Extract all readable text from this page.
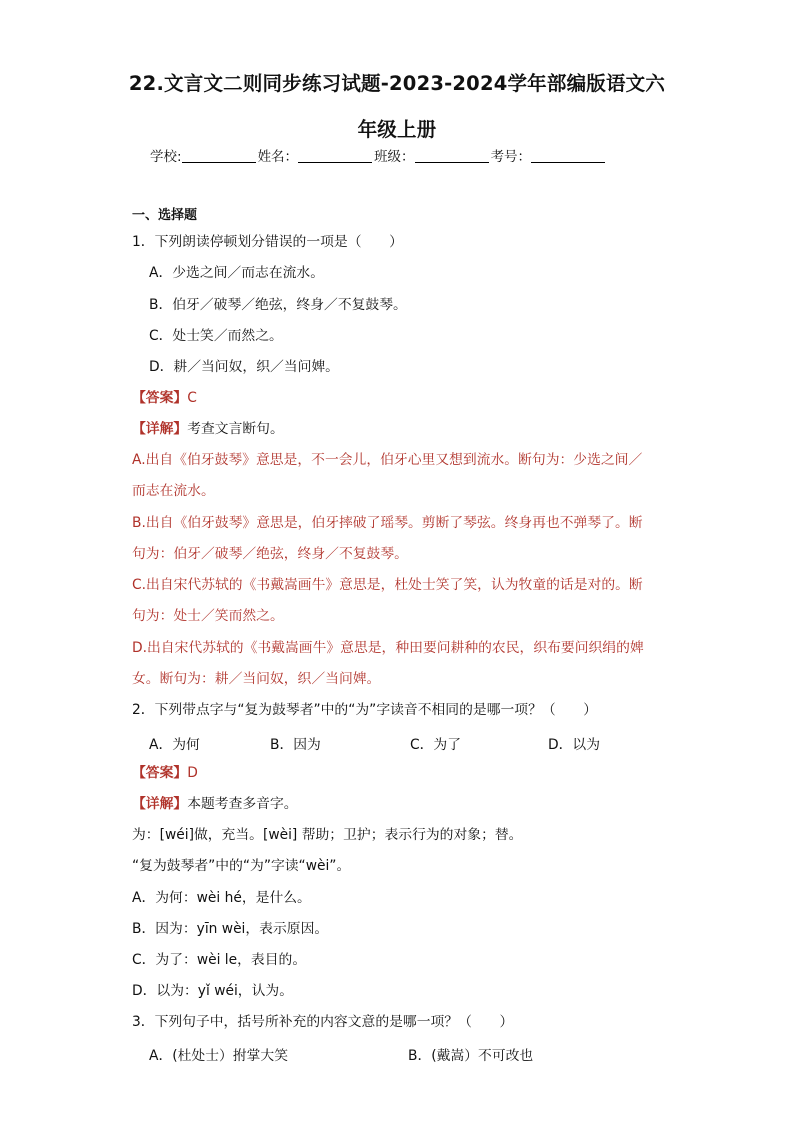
22.文言文二则同步练习试题-2023-2024学年部编版语文六
年级上册
学校:	姓名：	班级：	考号：
一、选择题
1．下列朗读停顿划分错误的一项是（　　）
A．少选之间／而志在流水。
B．伯牙／破琴／绝弦，终身／不复鼓琴。
C．处士笑／而然之。
D．耕／当问奴，织／当问婢。
【答案】C
【详解】考查文言断句。
A.出自《伯牙鼓琴》意思是，不一会儿，伯牙心里又想到流水。断句为：少选之间／
而志在流水。
B.出自《伯牙鼓琴》意思是，伯牙摔破了瑶琴。剪断了琴弦。终身再也不弹琴了。断
句为：伯牙／破琴／绝弦，终身／不复鼓琴。
C.出自宋代苏轼的《书戴嵩画牛》意思是，杜处士笑了笑，认为牧童的话是对的。断
句为：处士／笑而然之。
D.出自宋代苏轼的《书戴嵩画牛》意思是，种田要问耕种的农民，织布要问织绢的婢
女。断句为：耕／当问奴，织／当问婢。
2．下列带点字与“复为鼓琴者”中的“为”字读音不相同的是哪一项？（　　）
A．为何	B．因为	C．为了	D．以为
【答案】D
【详解】本题考查多音字。
为：[wéi]做，充当。[wèi] 帮助；卫护；表示行为的对象；替。
“复为鼓琴者”中的“为”字读“wèi”。
A．为何：wèi hé，是什么。
B．因为：yīn wèi，表示原因。
C．为了：wèi le，表目的。
D．以为：yǐ wéi，认为。
3．下列句子中，括号所补充的内容文意的是哪一项？（　　）
A．(杜处士）拊掌大笑	B．(戴嵩）不可改也
